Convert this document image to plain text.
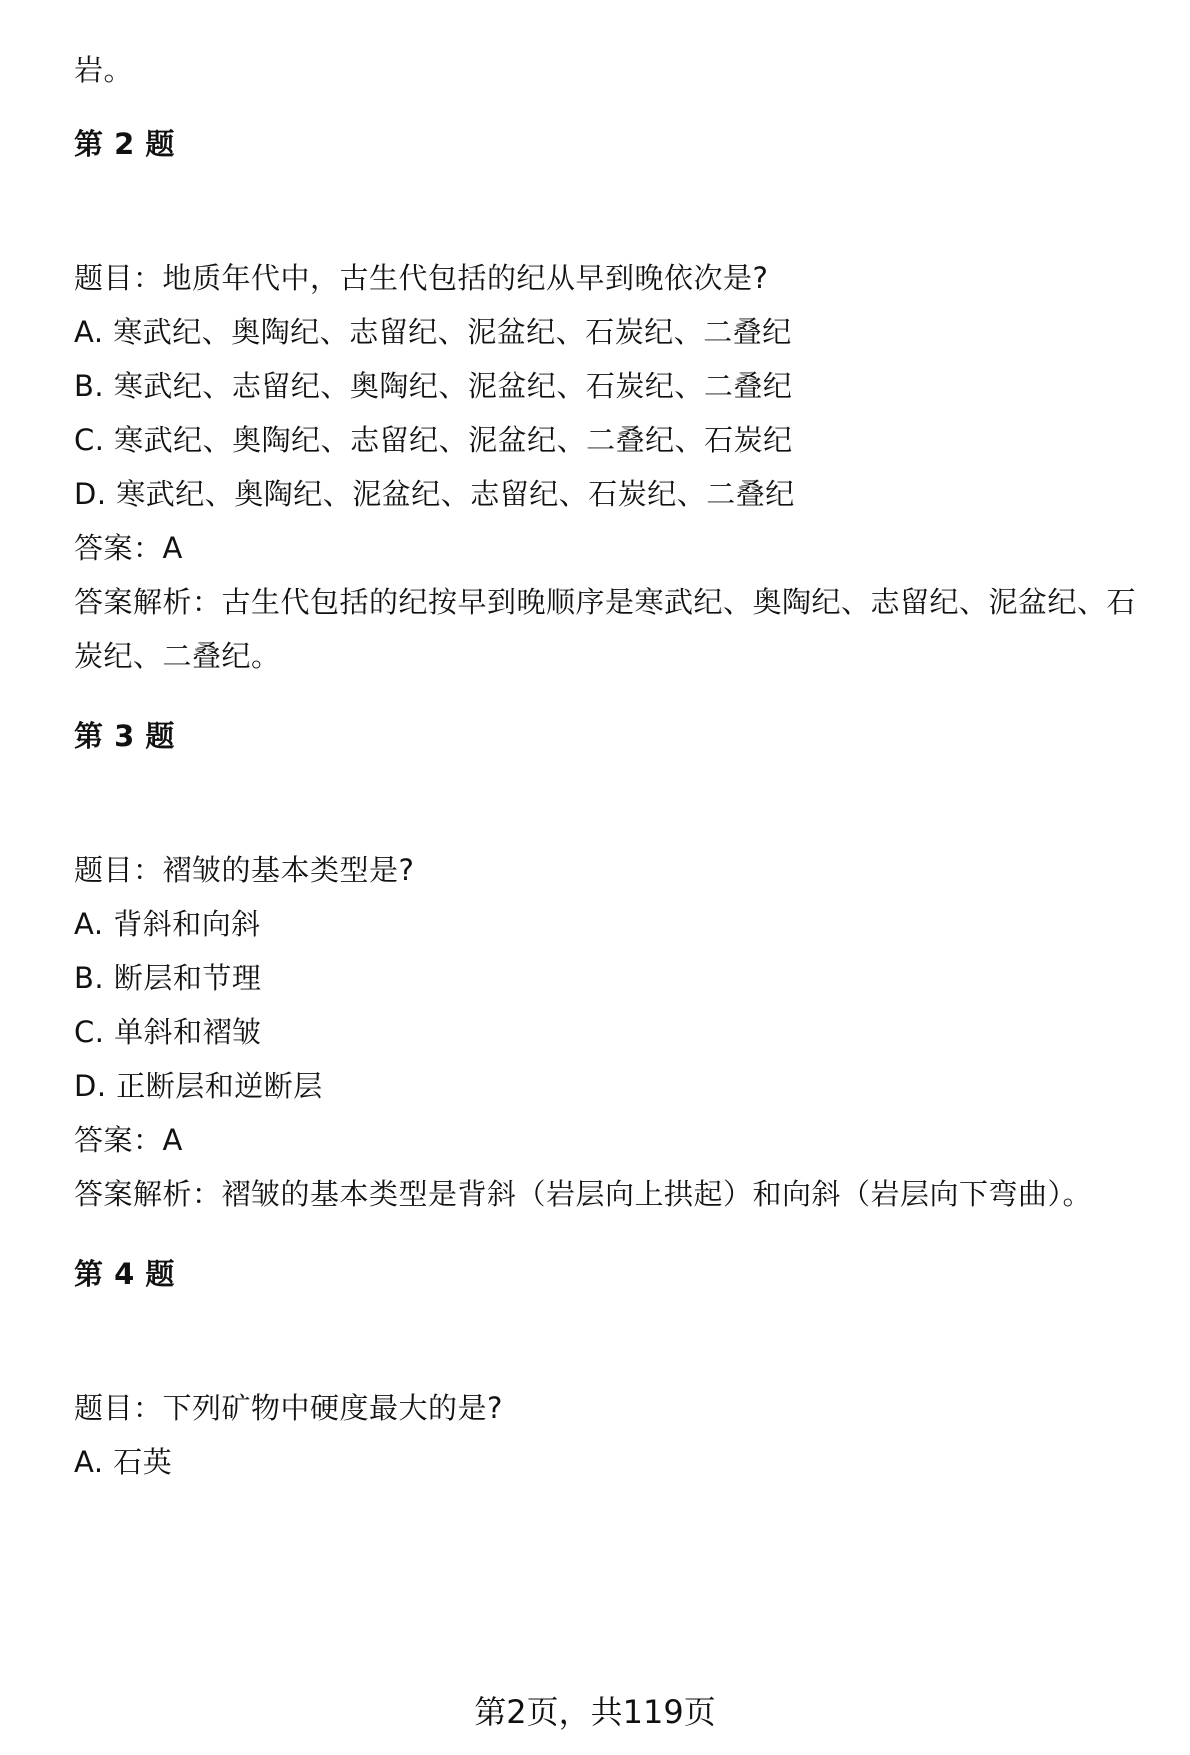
岩。
第 2 题
题目：地质年代中，古生代包括的纪从早到晚依次是?
A. 寒武纪、奥陶纪、志留纪、泥盆纪、石炭纪、二叠纪
B. 寒武纪、志留纪、奥陶纪、泥盆纪、石炭纪、二叠纪
C. 寒武纪、奥陶纪、志留纪、泥盆纪、二叠纪、石炭纪
D. 寒武纪、奥陶纪、泥盆纪、志留纪、石炭纪、二叠纪
答案：A
答案解析：古生代包括的纪按早到晚顺序是寒武纪、奥陶纪、志留纪、泥盆纪、石
炭纪、二叠纪。
第 3 题
题目：褶皱的基本类型是?
A. 背斜和向斜
B. 断层和节理
C. 单斜和褶皱
D. 正断层和逆断层
答案：A
答案解析：褶皱的基本类型是背斜（岩层向上拱起）和向斜（岩层向下弯曲）。
第 4 题
题目：下列矿物中硬度最大的是?
A. 石英
第2页，共119页
